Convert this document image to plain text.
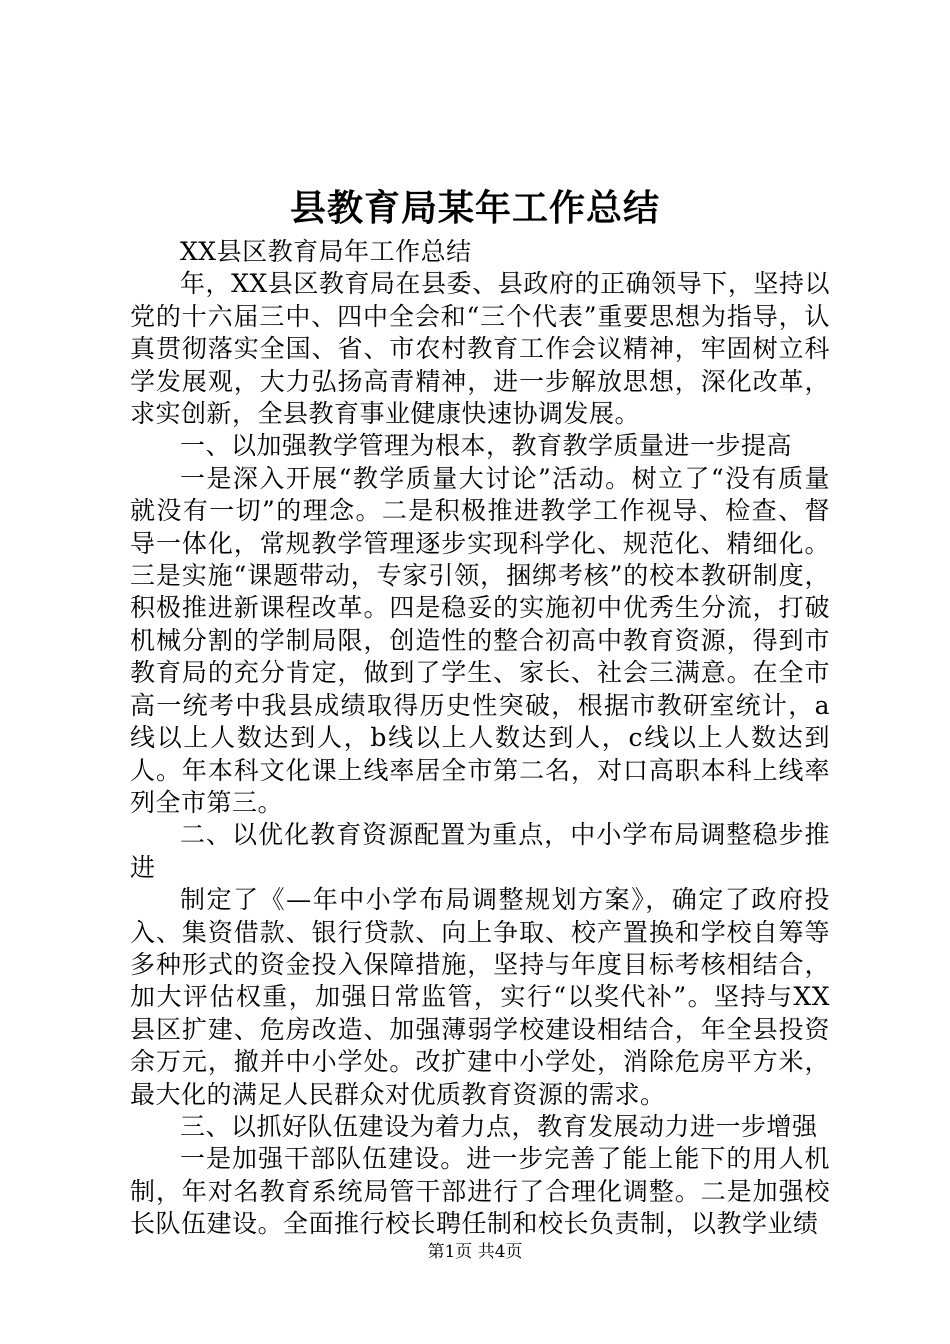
县教育局某年工作总结

XX县区教育局年工作总结

年，XX县区教育局在县委、县政府的正确领导下，坚持以党的十六届三中、四中全会和“三个代表”重要思想为指导，认真贯彻落实全国、省、市农村教育工作会议精神，牢固树立科学发展观，大力弘扬高青精神，进一步解放思想，深化改革，求实创新，全县教育事业健康快速协调发展。

一、以加强教学管理为根本，教育教学质量进一步提高

一是深入开展“教学质量大讨论”活动。树立了“没有质量就没有一切”的理念。二是积极推进教学工作视导、检查、督导一体化，常规教学管理逐步实现科学化、规范化、精细化。三是实施“课题带动，专家引领，捆绑考核”的校本教研制度，积极推进新课程改革。四是稳妥的实施初中优秀生分流，打破机械分割的学制局限，创造性的整合初高中教育资源，得到市教育局的充分肯定，做到了学生、家长、社会三满意。在全市高一统考中我县成绩取得历史性突破，根据市教研室统计，a线以上人数达到人，b线以上人数达到人，c线以上人数达到人。年本科文化课上线率居全市第二名，对口高职本科上线率列全市第三。

二、以优化教育资源配置为重点，中小学布局调整稳步推进

制定了《—年中小学布局调整规划方案》，确定了政府投入、集资借款、银行贷款、向上争取、校产置换和学校自筹等多种形式的资金投入保障措施，坚持与年度目标考核相结合，加大评估权重，加强日常监管，实行“以奖代补”。坚持与XX县区扩建、危房改造、加强薄弱学校建设相结合，年全县投资余万元，撤并中小学处。改扩建中小学处，消除危房平方米，最大化的满足人民群众对优质教育资源的需求。

三、以抓好队伍建设为着力点，教育发展动力进一步增强

一是加强干部队伍建设。进一步完善了能上能下的用人机制，年对名教育系统局管干部进行了合理化调整。二是加强校长队伍建设。全面推行校长聘任制和校长负责制，以教学业绩

第1页 共4页
